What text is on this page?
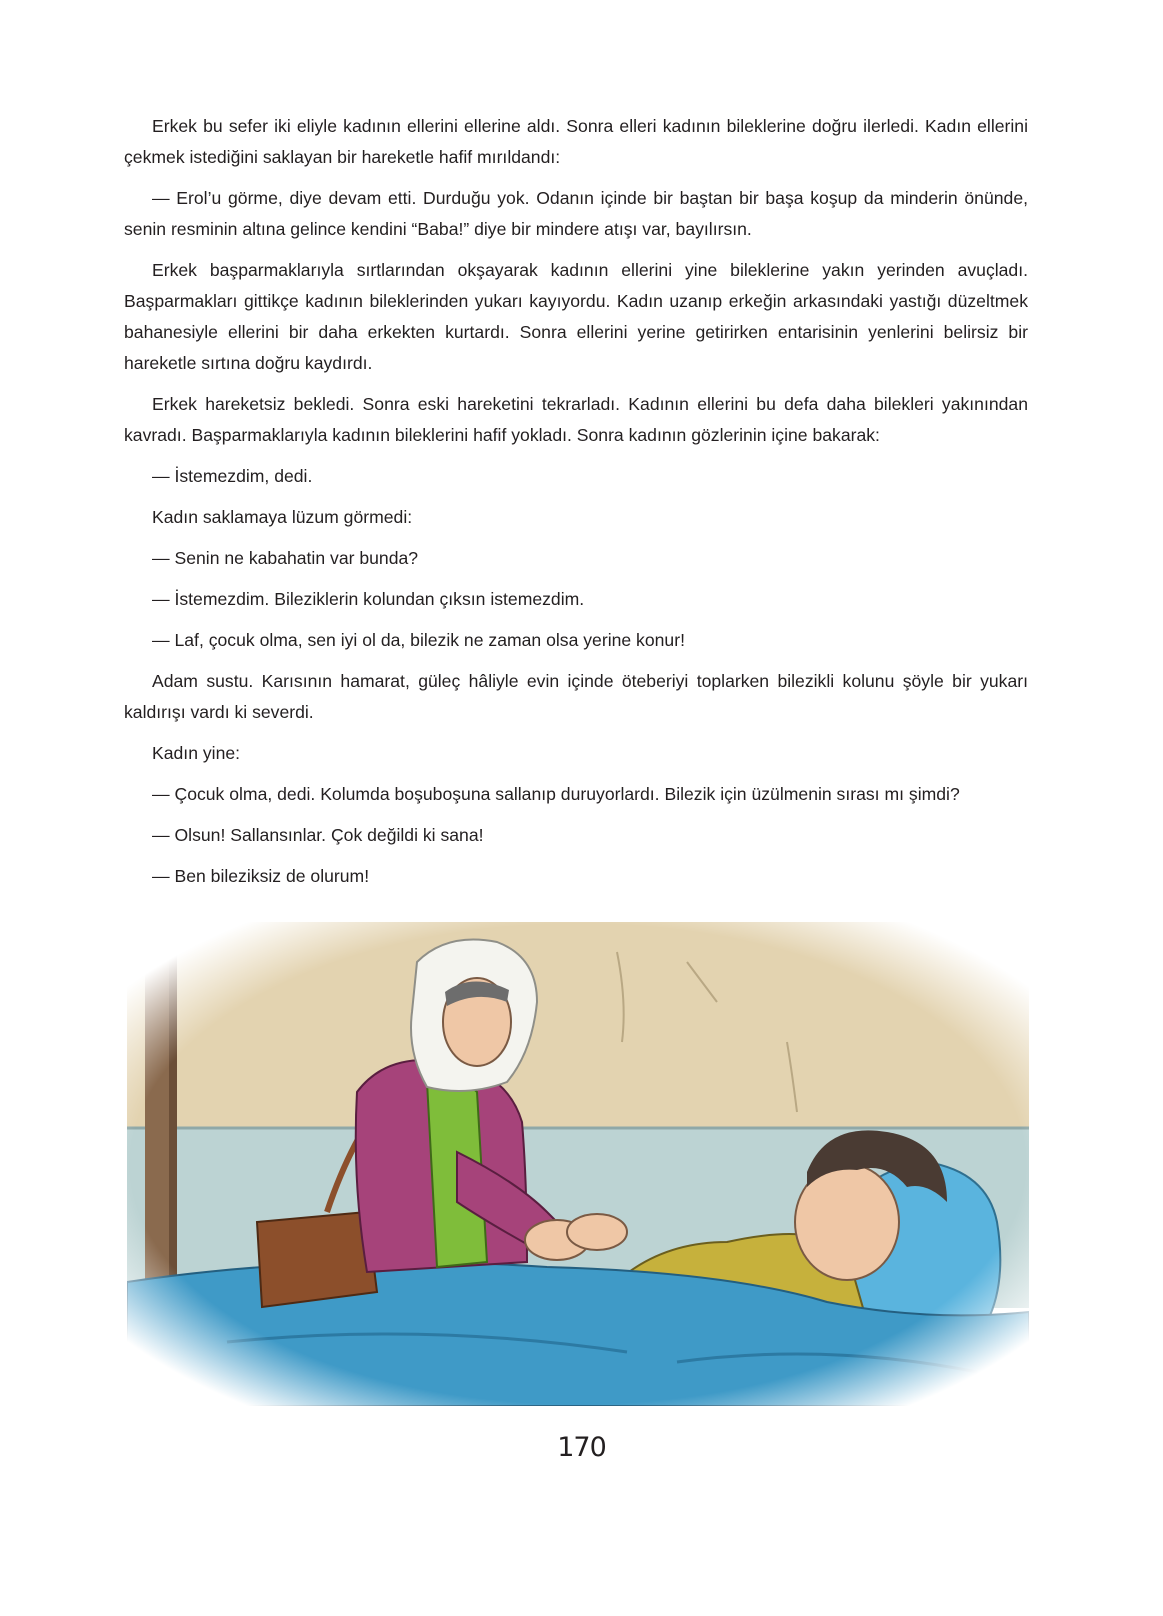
Erkek bu sefer iki eliyle kadının ellerini ellerine aldı. Sonra elleri kadının bileklerine doğru ilerledi. Kadın ellerini çekmek istediğini saklayan bir hareketle hafif mırıldandı:

— Erol’u görme, diye devam etti. Durduğu yok. Odanın içinde bir baştan bir başa koşup da minderin önünde, senin resminin altına gelince kendini “Baba!” diye bir mindere atışı var, bayılırsın.

Erkek başparmaklarıyla sırtlarından okşayarak kadının ellerini yine bileklerine yakın yerinden avuçladı. Başparmakları gittikçe kadının bileklerinden yukarı kayıyordu. Kadın uzanıp erkeğin arkasındaki yastığı düzeltmek bahanesiyle ellerini bir daha erkekten kurtardı. Sonra ellerini yerine getirirken entarisinin yenlerini belirsiz bir hareketle sırtına doğru kaydırdı.

Erkek hareketsiz bekledi. Sonra eski hareketini tekrarladı. Kadının ellerini bu defa daha bilekleri yakınından kavradı. Başparmaklarıyla kadının bileklerini hafif yokladı. Sonra kadının gözlerinin içine bakarak:

— İstemezdim, dedi.

Kadın saklamaya lüzum görmedi:

— Senin ne kabahatin var bunda?

— İstemezdim. Bileziklerin kolundan çıksın istemezdim.

— Laf, çocuk olma, sen iyi ol da, bilezik ne zaman olsa yerine konur!

Adam sustu. Karısının hamarat, güleç hâliyle evin içinde öteberiyi toplarken bilezikli kolunu şöyle bir yukarı kaldırışı vardı ki severdi.

Kadın yine:

— Çocuk olma, dedi. Kolumda boşuboşuna sallanıp duruyorlardı. Bilezik için üzülmenin sırası mı şimdi?

— Olsun! Sallansınlar. Çok değildi ki sana!

— Ben bileziksiz de olurum!

170
